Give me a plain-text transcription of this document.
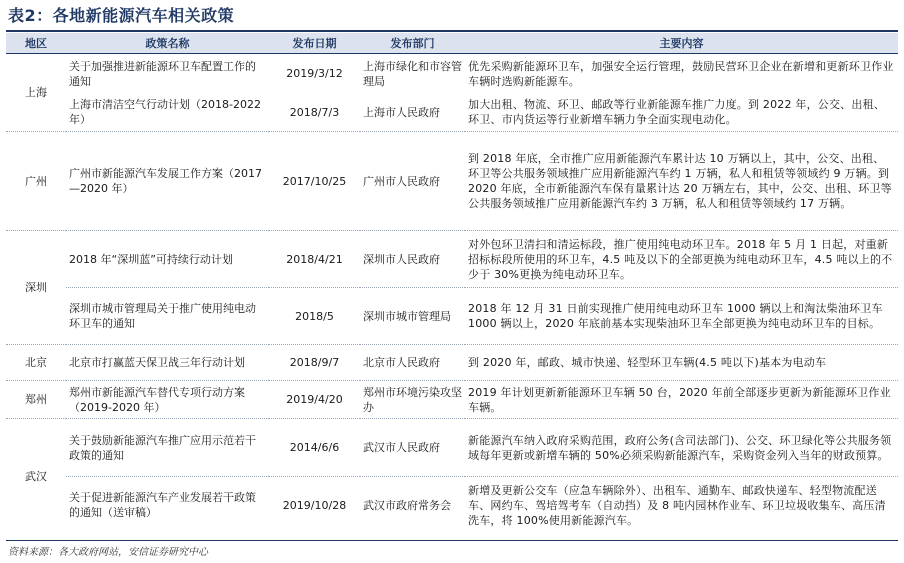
表2：各地新能源汽车相关政策
地区	政策名称	发布日期	发布部门	主要内容
上海	关于加强推进新能源环卫车配置工作的通知	2019/3/12	上海市绿化和市容管理局	优先采购新能源环卫车，加强安全运行管理，鼓励民营环卫企业在新增和更新环卫作业车辆时选购新能源车。
	上海市清洁空气行动计划（2018-2022 年）	2018/7/3	上海市人民政府	加大出租、物流、环卫、邮政等行业新能源车推广力度。到 2022 年，公交、出租、环卫、市内货运等行业新增车辆力争全面实现电动化。
广州	广州市新能源汽车发展工作方案（2017—2020 年）	2017/10/25	广州市人民政府	到 2018 年底，全市推广应用新能源汽车累计达 10 万辆以上，其中，公交、出租、环卫等公共服务领域推广应用新能源汽车约 1 万辆，私人和租赁等领域约 9 万辆。到 2020 年底，全市新能源汽车保有量累计达 20 万辆左右，其中，公交、出租、环卫等公共服务领域推广应用新能源汽车约 3 万辆，私人和租赁等领域约 17 万辆。
深圳	2018 年“深圳蓝”可持续行动计划	2018/4/21	深圳市人民政府	对外包环卫清扫和清运标段，推广使用纯电动环卫车。2018 年 5 月 1 日起，对重新招标标段所使用的环卫车，4.5 吨及以下的全部更换为纯电动环卫车，4.5 吨以上的不少于 30%更换为纯电动环卫车。
	深圳市城市管理局关于推广使用纯电动环卫车的通知	2018/5	深圳市城市管理局	2018 年 12 月 31 日前实现推广使用纯电动环卫车 1000 辆以上和淘汰柴油环卫车 1000 辆以上，2020 年底前基本实现柴油环卫车全部更换为纯电动环卫车的目标。
北京	北京市打赢蓝天保卫战三年行动计划	2018/9/7	北京市人民政府	到 2020 年，邮政、城市快递、轻型环卫车辆(4.5 吨以下)基本为电动车
郑州	郑州市新能源汽车替代专项行动方案（2019-2020 年）	2019/4/20	郑州市环境污染攻坚办	2019 年计划更新新能源环卫车辆 50 台，2020 年前全部逐步更新为新能源环卫作业车辆。
武汉	关于鼓励新能源汽车推广应用示范若干政策的通知	2014/6/6	武汉市人民政府	新能源汽车纳入政府采购范围，政府公务(含司法部门)、公交、环卫绿化等公共服务领域每年更新或新增车辆的 50%必须采购新能源汽车，采购资金列入当年的财政预算。
	关于促进新能源汽车产业发展若干政策的通知（送审稿）	2019/10/28	武汉市政府常务会	新增及更新公交车（应急车辆除外）、出租车、通勤车、邮政快递车、轻型物流配送车、网约车、驾培驾考车（自动挡）及 8 吨内园林作业车、环卫垃圾收集车、高压清洗车，将 100%使用新能源汽车。
资料来源：各大政府网站，安信证券研究中心
